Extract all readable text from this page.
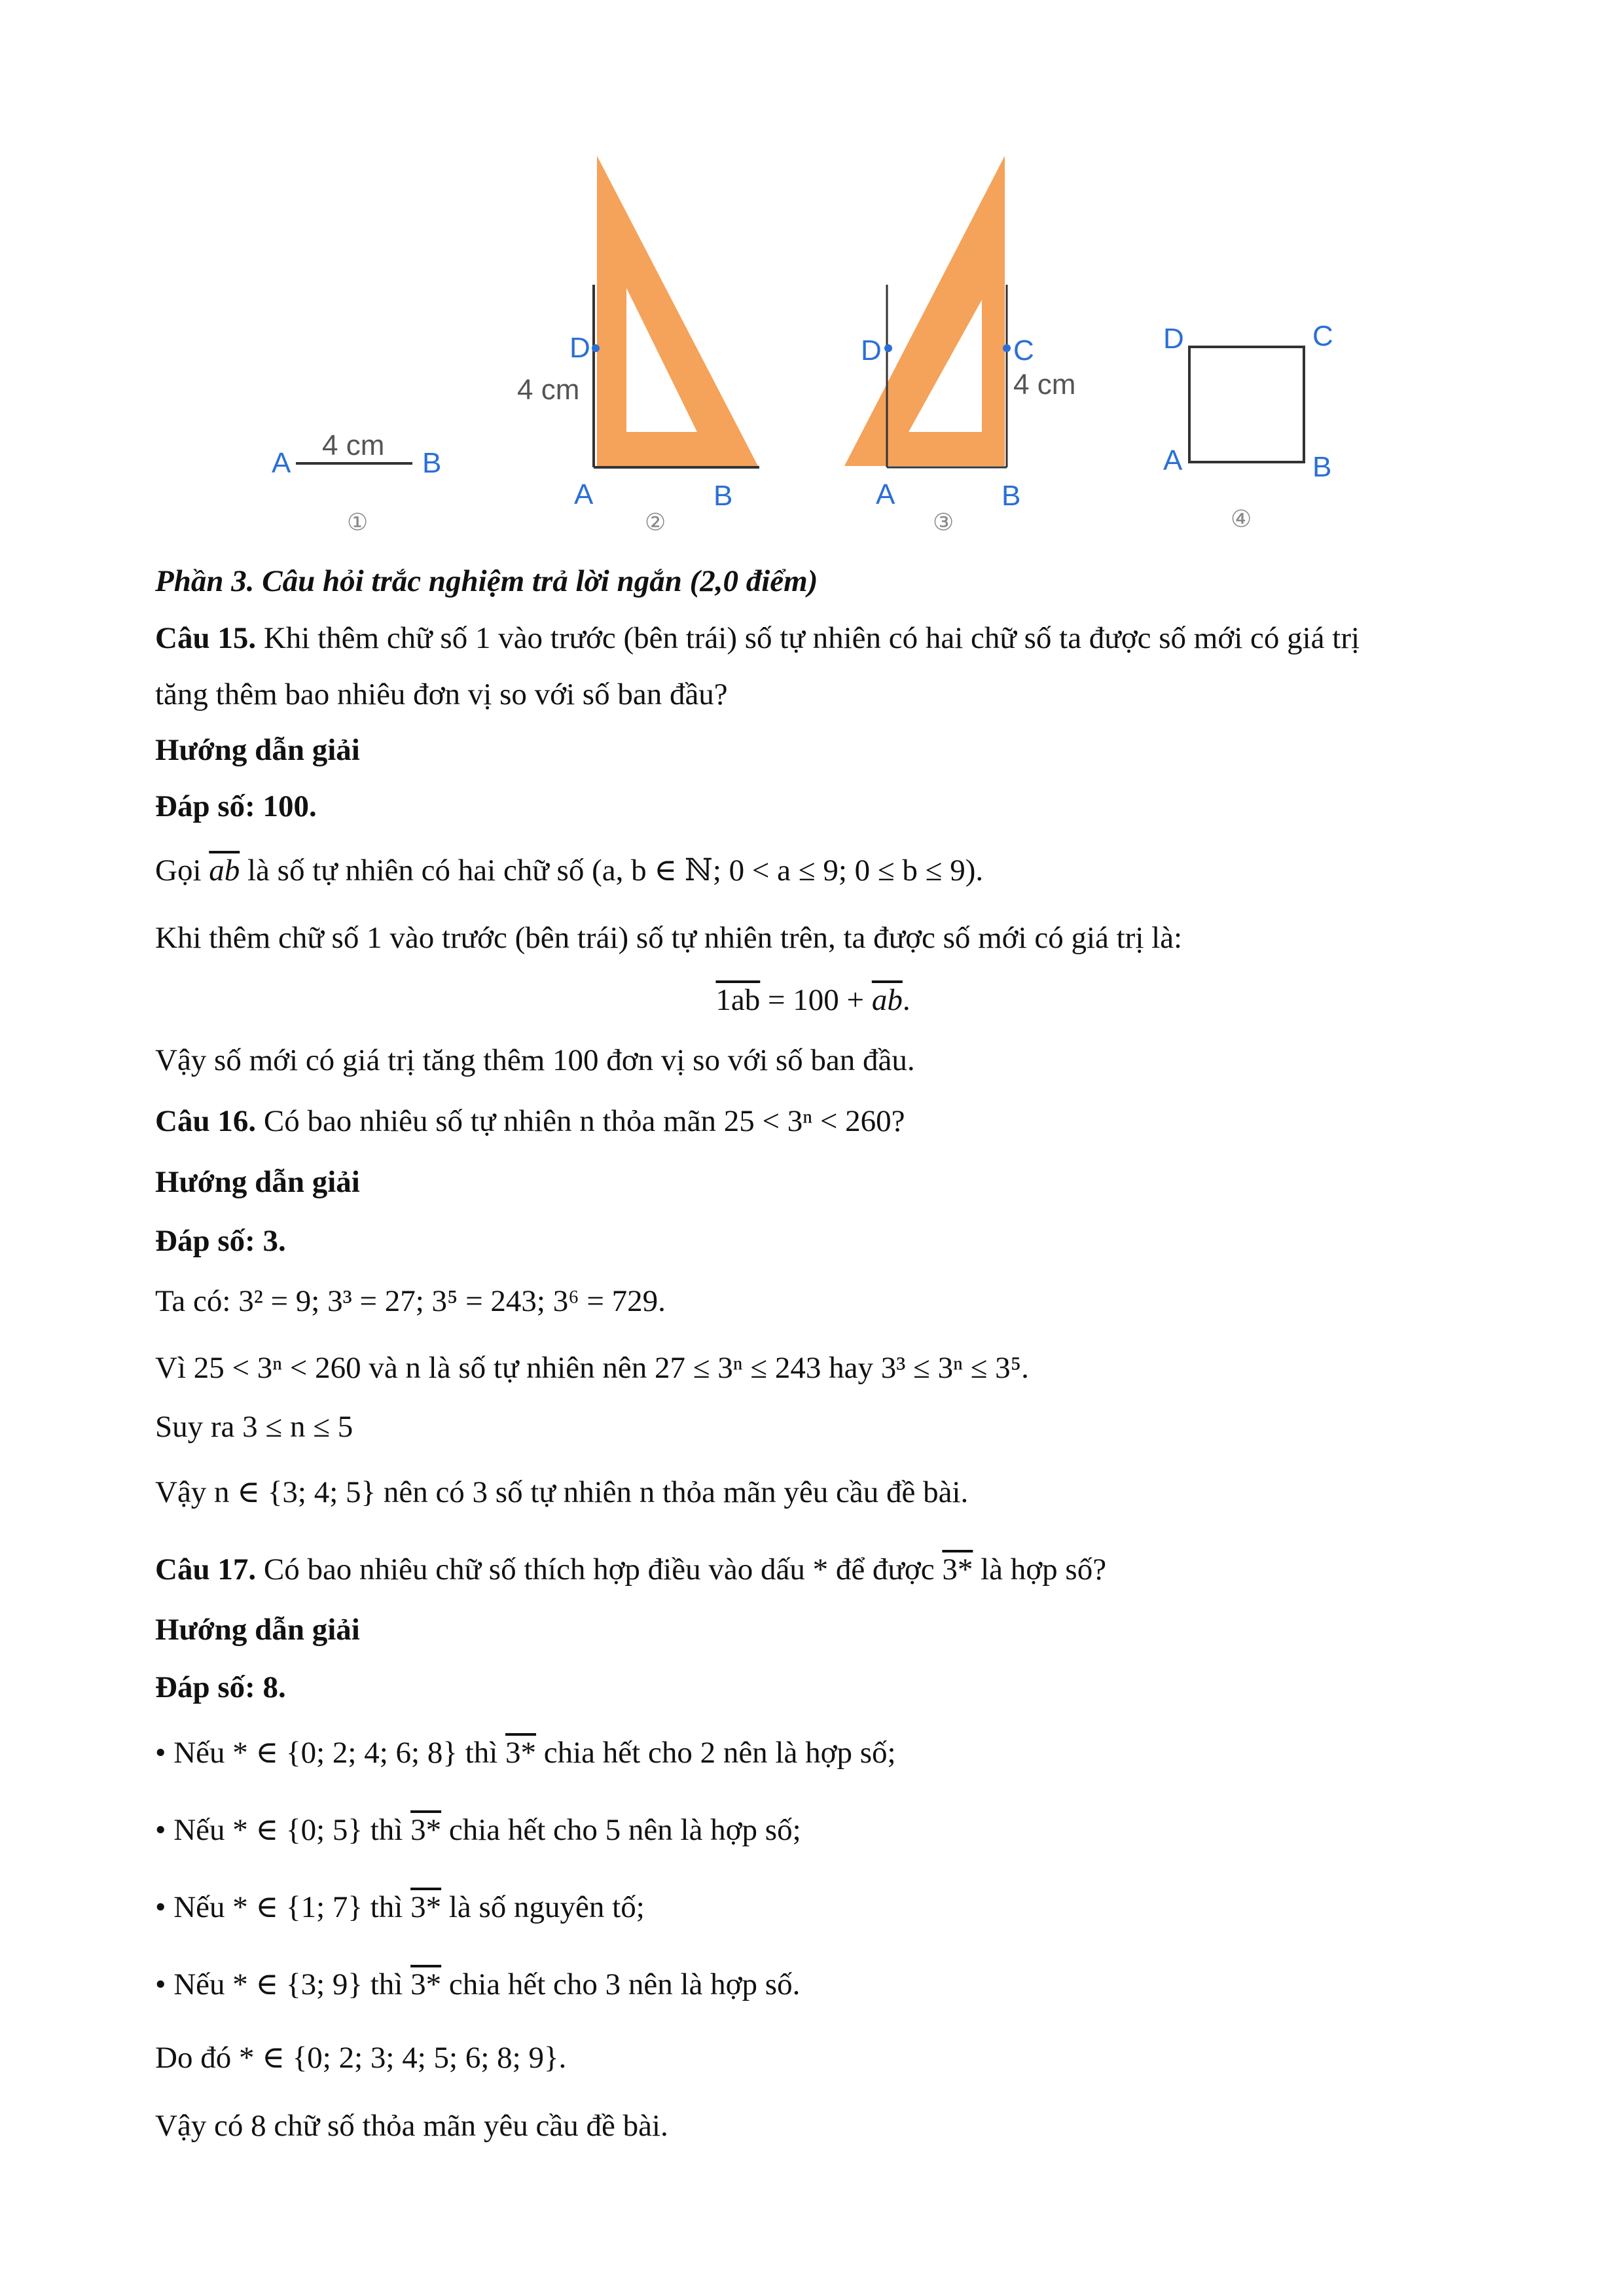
A	B
4 cm
①
D
A	B
4 cm
②
D	C
A	B
4 cm
③
D	C
A	B
④
Phần 3. Câu hỏi trắc nghiệm trả lời ngắn (2,0 điểm)
Câu 15. Khi thêm chữ số 1 vào trước (bên trái) số tự nhiên có hai chữ số ta được số mới có giá trị
tăng thêm bao nhiêu đơn vị so với số ban đầu?
Hướng dẫn giải
Đáp số: 100.
Gọi $\overline{ab}$ là số tự nhiên có hai chữ số (a, b ∈ ℕ; 0 < a ≤ 9; 0 ≤ b ≤ 9).
Khi thêm chữ số 1 vào trước (bên trái) số tự nhiên trên, ta được số mới có giá trị là:
$1ab = 100 + \overline{ab}$.
Vậy số mới có giá trị tăng thêm 100 đơn vị so với số ban đầu.
Câu 16. Có bao nhiêu số tự nhiên n thỏa mãn 25 < 3ⁿ < 260?
Hướng dẫn giải
Đáp số: 3.
Ta có: 3² = 9; 3³ = 27; 3⁵ = 243; 3⁶ = 729.
Vì 25 < 3ⁿ < 260 và n là số tự nhiên nên 27 ≤ 3ⁿ ≤ 243 hay 3³ ≤ 3ⁿ ≤ 3⁵.
Suy ra 3 ≤ n ≤ 5
Vậy n ∈ {3; 4; 5} nên có 3 số tự nhiên n thỏa mãn yêu cầu đề bài.
Câu 17. Có bao nhiêu chữ số thích hợp điều vào dấu * để được 3* là hợp số?
Hướng dẫn giải
Đáp số: 8.
• Nếu * ∈ {0; 2; 4; 6; 8} thì 3* chia hết cho 2 nên là hợp số;
• Nếu * ∈ {0; 5} thì 3* chia hết cho 5 nên là hợp số;
• Nếu * ∈ {1; 7} thì 3* là số nguyên tố;
• Nếu * ∈ {3; 9} thì 3* chia hết cho 3 nên là hợp số.
Do đó * ∈ {0; 2; 3; 4; 5; 6; 8; 9}.
Vậy có 8 chữ số thỏa mãn yêu cầu đề bài.
